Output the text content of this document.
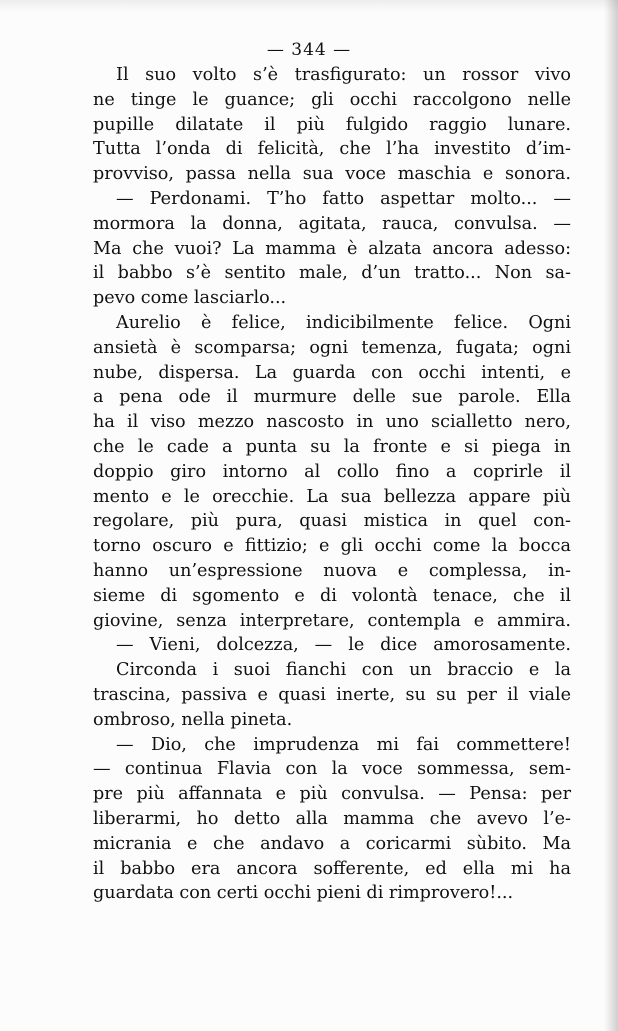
— 344 —
Il suo volto s’è trasfigurato: un rossor vivo
ne tinge le guance; gli occhi raccolgono nelle
pupille dilatate il più fulgido raggio lunare.
Tutta l’onda di felicità, che l’ha investito d’im-
provviso, passa nella sua voce maschia e sonora.
— Perdonami. T’ho fatto aspettar molto... —
mormora la donna, agitata, rauca, convulsa. —
Ma che vuoi? La mamma è alzata ancora adesso:
il babbo s’è sentito male, d’un tratto... Non sa-
pevo come lasciarlo...
Aurelio è felice, indicibilmente felice. Ogni
ansietà è scomparsa; ogni temenza, fugata; ogni
nube, dispersa. La guarda con occhi intenti, e
a pena ode il murmure delle sue parole. Ella
ha il viso mezzo nascosto in uno scialletto nero,
che le cade a punta su la fronte e si piega in
doppio giro intorno al collo fino a coprirle il
mento e le orecchie. La sua bellezza appare più
regolare, più pura, quasi mistica in quel con-
torno oscuro e fittizio; e gli occhi come la bocca
hanno un’espressione nuova e complessa, in-
sieme di sgomento e di volontà tenace, che il
giovine, senza interpretare, contempla e ammira.
— Vieni, dolcezza, — le dice amorosamente.
Circonda i suoi fianchi con un braccio e la
trascina, passiva e quasi inerte, su su per il viale
ombroso, nella pineta.
— Dio, che imprudenza mi fai commettere!
— continua Flavia con la voce sommessa, sem-
pre più affannata e più convulsa. — Pensa: per
liberarmi, ho detto alla mamma che avevo l’e-
micrania e che andavo a coricarmi sùbito. Ma
il babbo era ancora sofferente, ed ella mi ha
guardata con certi occhi pieni di rimprovero!...
